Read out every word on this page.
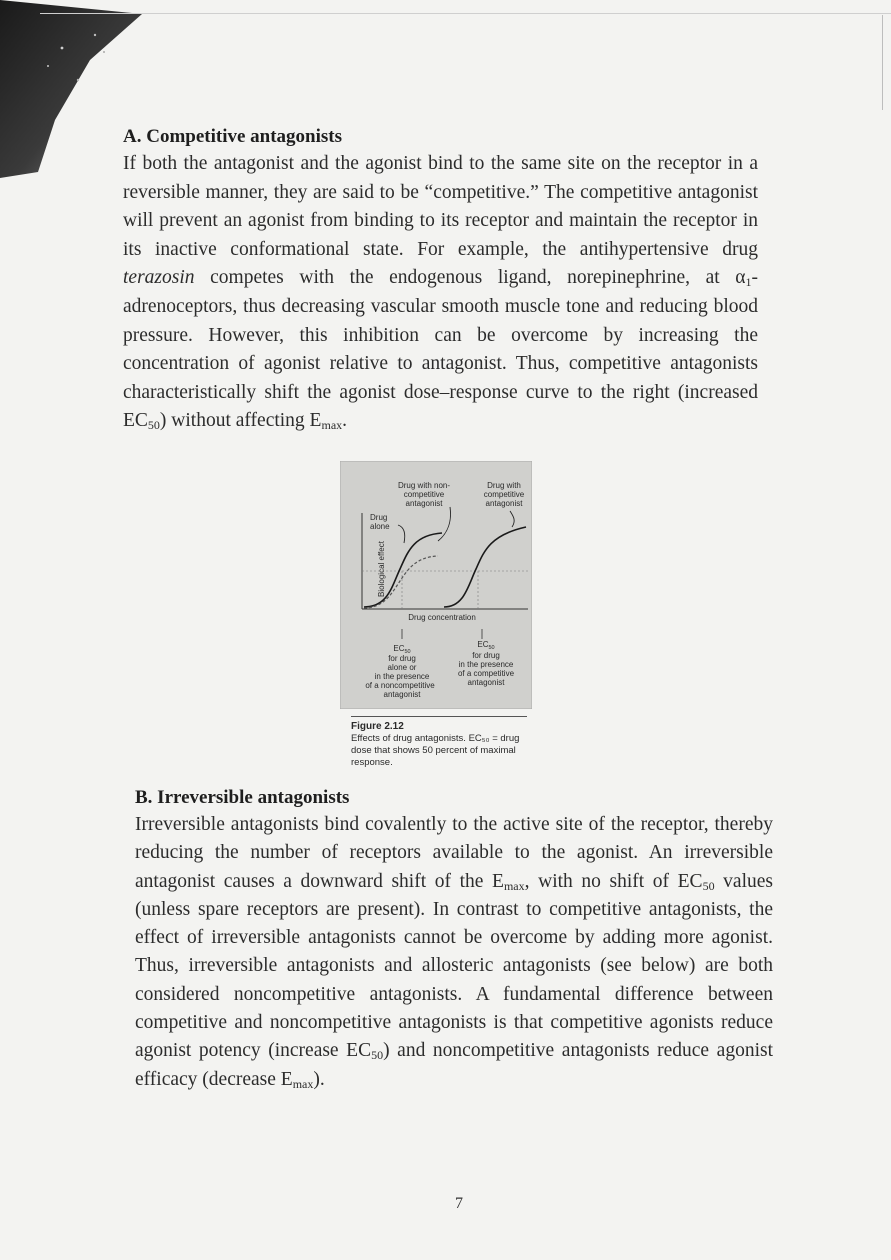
A. Competitive antagonists

If both the antagonist and the agonist bind to the same site on the receptor in a reversible manner, they are said to be “competitive.” The competitive antagonist will prevent an agonist from binding to its receptor and maintain the receptor in its inactive conformational state. For example, the antihypertensive drug terazosin competes with the endogenous ligand, norepinephrine, at $\alpha_1$-adrenoceptors, thus decreasing vascular smooth muscle tone and reducing blood pressure. However, this inhibition can be overcome by increasing the concentration of agonist relative to antagonist. Thus, competitive antagonists characteristically shift the agonist dose–response curve to the right (increased $EC_{50}$) without affecting $E_{max}$.

Drug with non-
competitive
antagonist
Drug with
competitive
antagonist
Drug
alone
Biological effect
Drug concentration
$EC_{50}$
for drug
alone or
in the presence
of a noncompetitive
antagonist
$EC_{50}$
for drug
in the presence
of a competitive
antagonist
Figure 2.12
Effects of drug antagonists. EC₅₀ = drug dose that shows 50 percent of maximal response.
B. Irreversible antagonists

Irreversible antagonists bind covalently to the active site of the receptor, thereby reducing the number of receptors available to the agonist. An irreversible antagonist causes a downward shift of the $E_{max}$, with no shift of $EC_{50}$ values (unless spare receptors are present). In contrast to competitive antagonists, the effect of irreversible antagonists cannot be overcome by adding more agonist. Thus, irreversible antagonists and allosteric antagonists (see below) are both considered noncompetitive antagonists. A fundamental difference between competitive and noncompetitive antagonists is that competitive agonists reduce agonist potency (increase $EC_{50}$) and noncompetitive antagonists reduce agonist efficacy (decrease $E_{max}$).

7
